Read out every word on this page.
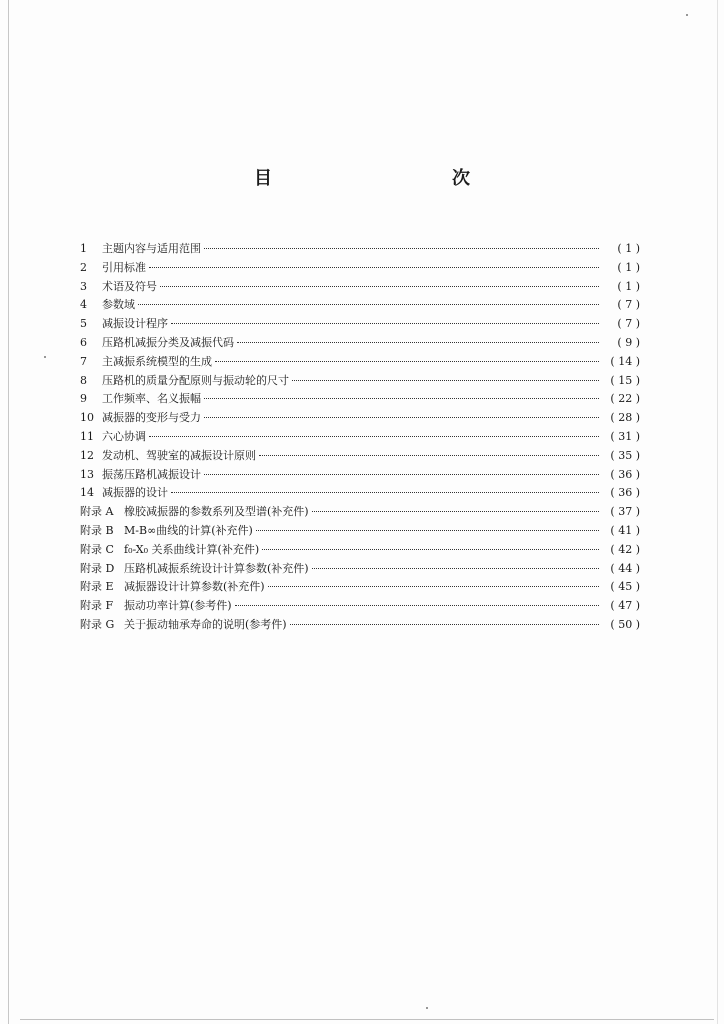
目　　次
1	主题内容与适用范围	( 1 )
2	引用标准	( 1 )
3	术语及符号	( 1 )
4	参数域	( 7 )
5	减振设计程序	( 7 )
6	压路机减振分类及减振代码	( 9 )
7	主减振系统模型的生成	( 14 )
8	压路机的质量分配原则与振动轮的尺寸	( 15 )
9	工作频率、名义振幅	( 22 )
10 减振器的变形与受力	( 28 )
11 六心协调	( 31 )
12 发动机、驾驶室的减振设计原则	( 35 )
13 振荡压路机减振设计	( 36 )
14 减振器的设计	( 36 )
附录 A 橡胶减振器的参数系列及型谱(补充件)	( 37 )
附录 B M-B∞曲线的计算(补充件)	( 41 )
附录 C f₀-X₀ 关系曲线计算(补充件)	( 42 )
附录 D 压路机减振系统设计计算参数(补充件)	( 44 )
附录 E 减振器设计计算参数(补充件)	( 45 )
附录 F 振动功率计算(参考件)	( 47 )
附录 G 关于振动轴承寿命的说明(参考件)	( 50 )
